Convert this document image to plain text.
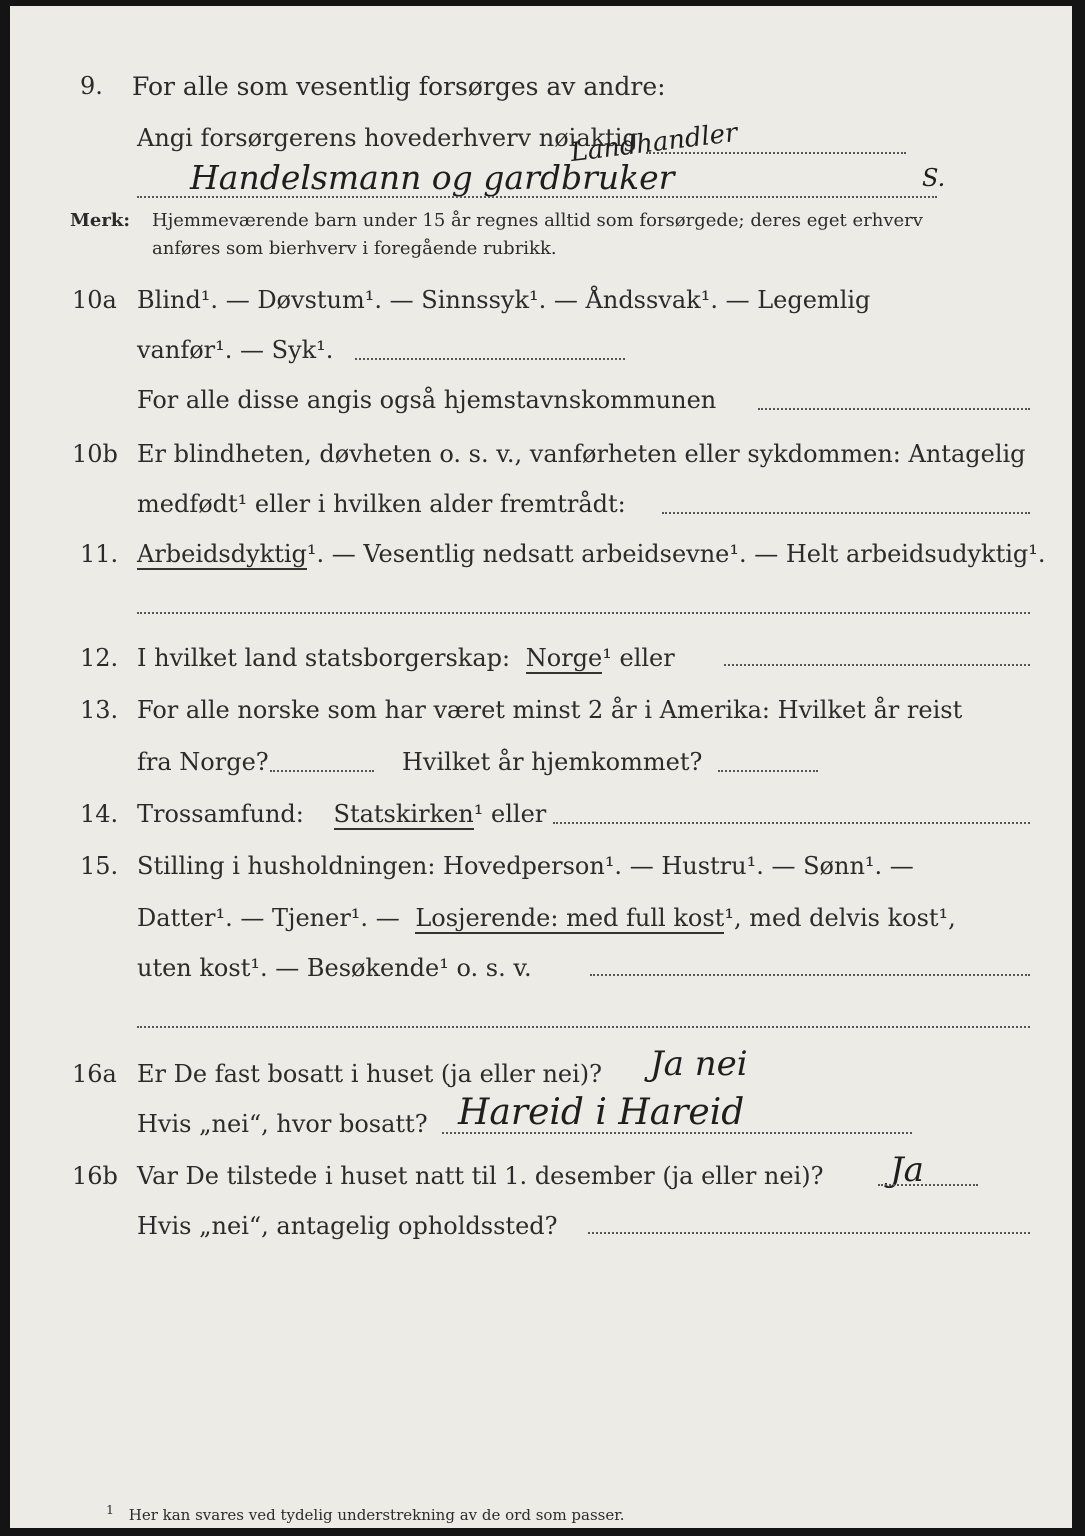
9. For alle som vesentlig forsørges av andre:
Angi forsørgerens hovederhverv nøiaktig
Landhandler
Handelsmann og gardbruker	S.
Merk: Hjemmeværende barn under 15 år regnes alltid som forsørgede; deres eget erhverv
anføres som bierhverv i foregående rubrikk.
10a Blind¹. — Døvstum¹. — Sinnssyk¹. — Åndssvak¹. — Legemlig
vanfør¹. — Syk¹.
For alle disse angis også hjemstavnskommunen
10b Er blindheten, døvheten o. s. v., vanførheten eller sykdommen: Antagelig
medfødt¹ eller i hvilken alder fremtrådt:
11. Arbeidsdyktig¹. — Vesentlig nedsatt arbeidsevne¹. — Helt arbeidsudyktig¹.
12. I hvilket land statsborgerskap: Norge¹ eller
13. For alle norske som har været minst 2 år i Amerika: Hvilket år reist
fra Norge?	Hvilket år hjemkommet?
14. Trossamfund: Statskirken¹ eller
15. Stilling i husholdningen: Hovedperson¹. — Hustru¹. — Sønn¹. —
Datter¹. — Tjener¹. — Losjerende: med full kost¹, med delvis kost¹,
uten kost¹. — Besøkende¹ o. s. v.
16a Er De fast bosatt i huset (ja eller nei)? Ja nei
Hvis „nei“, hvor bosatt? Hareid i Hareid
16b Var De tilstede i huset natt til 1. desember (ja eller nei)? Ja
Hvis „nei“, antagelig opholdssted?
$^1$ Her kan svares ved tydelig understrekning av de ord som passer.
